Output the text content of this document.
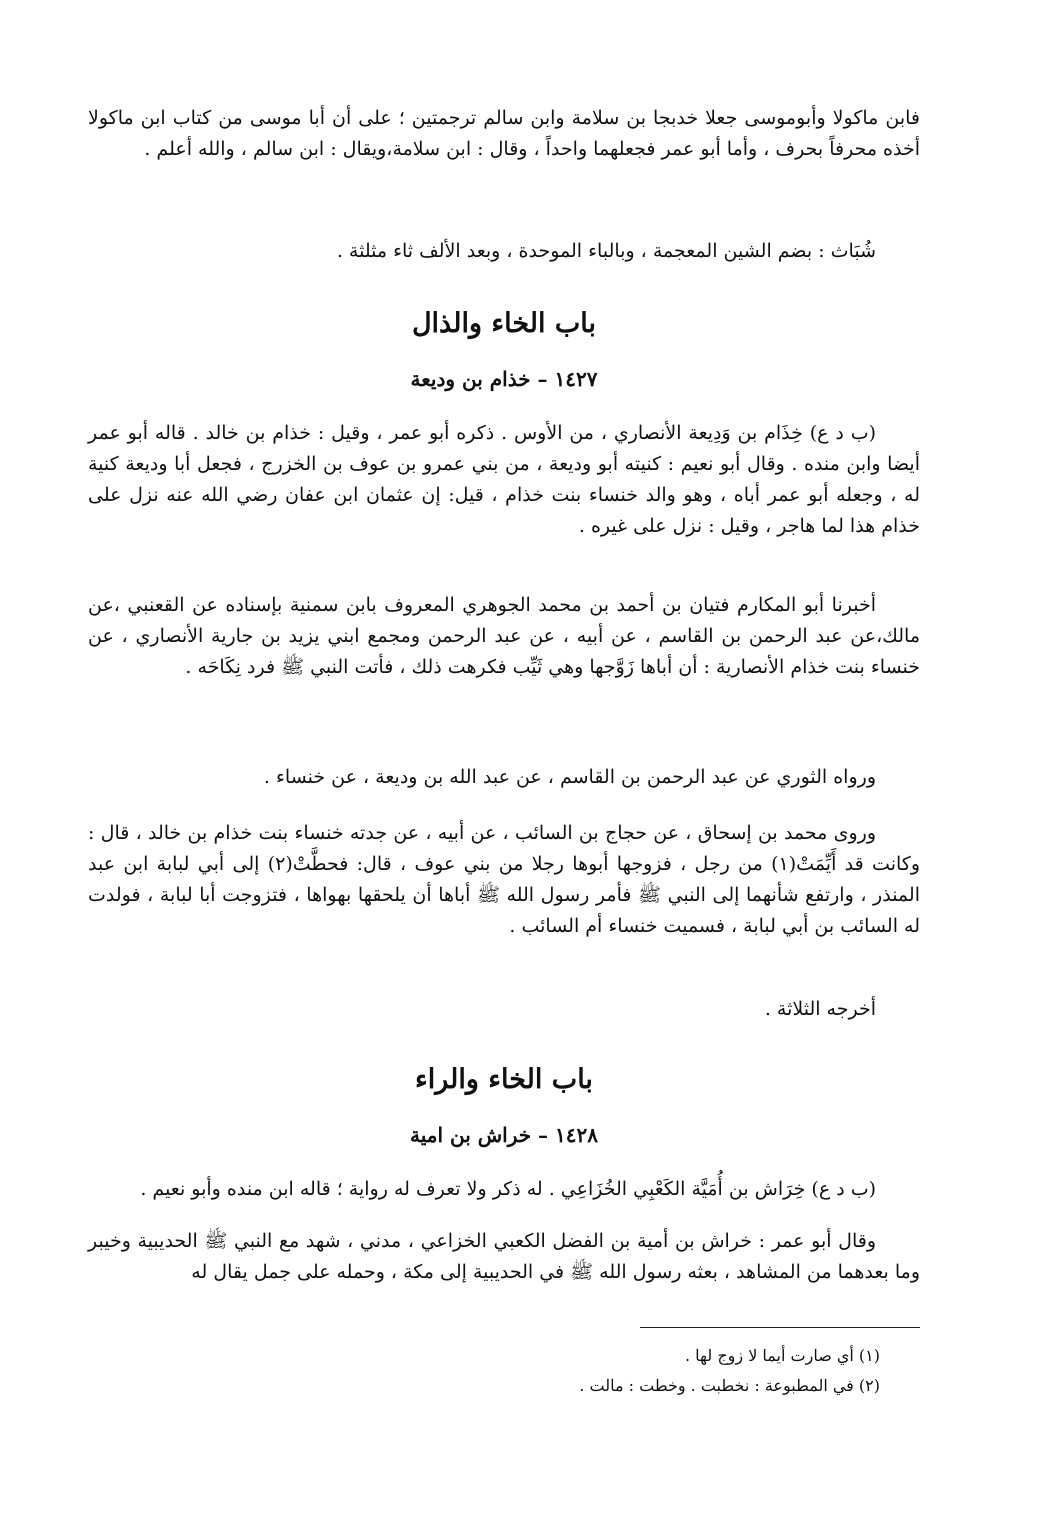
فابن ماكولا وأبوموسى جعلا خدبجا بن سلامة وابن سالم ترجمتين ؛ على أن أبا موسى من كتاب ابن ماكولا أخذه محرفاً بحرف ، وأما أبو عمر فجعلهما واحداً ، وقال : ابن سلامة،ويقال : ابن سالم ، والله أعلم .

شُبَاث : بضم الشين المعجمة ، وبالباء الموحدة ، وبعد الألف ثاء مثلثة .

باب الخاء والذال
١٤٢٧ – خذام بن وديعة

(ب د ع) خِذَام بن وَدِيعة الأنصاري ، من الأوس . ذكره أبو عمر ، وقيل : خذام بن خالد . قاله أبو عمر أيضا وابن منده . وقال أبو نعيم : كنيته أبو وديعة ، من بني عمرو بن عوف بن الخزرج ، فجعل أبا وديعة كنية له ، وجعله أبو عمر أباه ، وهو والد خنساء بنت خذام ، قيل: إن عثمان ابن عفان رضي الله عنه نزل على خذام هذا لما هاجر ، وقيل : نزل على غيره .

أخبرنا أبو المكارم فتيان بن أحمد بن محمد الجوهري المعروف بابن سمنية بإسناده عن القعنبي ،عن مالك،عن عبد الرحمن بن القاسم ، عن أبيه ، عن عبد الرحمن ومجمع ابني يزيد بن جارية الأنصاري ، عن خنساء بنت خذام الأنصارية : أن أباها زَوَّجها وهي ثَيِّب فكرهت ذلك ، فأتت النبي ﷺ فرد نِكَاحَه .

ورواه الثوري عن عبد الرحمن بن القاسم ، عن عبد الله بن وديعة ، عن خنساء .

وروى محمد بن إسحاق ، عن حجاج بن السائب ، عن أبيه ، عن جدته خنساء بنت خذام بن خالد ، قال : وكانت قد أَيِّمَتْ(١) من رجل ، فزوجها أبوها رجلا من بني عوف ، قال: فحطَّتْ(٢) إلى أبي لبابة ابن عبد المنذر ، وارتفع شأنهما إلى النبي ﷺ فأمر رسول الله ﷺ أباها أن يلحقها بهواها ، فتزوجت أبا لبابة ، فولدت له السائب بن أبي لبابة ، فسميت خنساء أم السائب .

أخرجه الثلاثة .

باب الخاء والراء
١٤٢٨ – خراش بن امية

(ب د ع) خِرَاش بن أُمَيَّة الكَعْبِي الخُزَاعِي . له ذكر ولا تعرف له رواية ؛ قاله ابن منده وأبو نعيم .

وقال أبو عمر : خراش بن أمية بن الفضل الكعبي الخزاعي ، مدني ، شهد مع النبي ﷺ الحديبية وخيبر وما بعدهما من المشاهد ، بعثه رسول الله ﷺ في الحديبية إلى مكة ، وحمله على جمل يقال له

(١) أي صارت أيما لا زوج لها .

(٢) في المطبوعة : نخطبت . وخطت : مالت .
